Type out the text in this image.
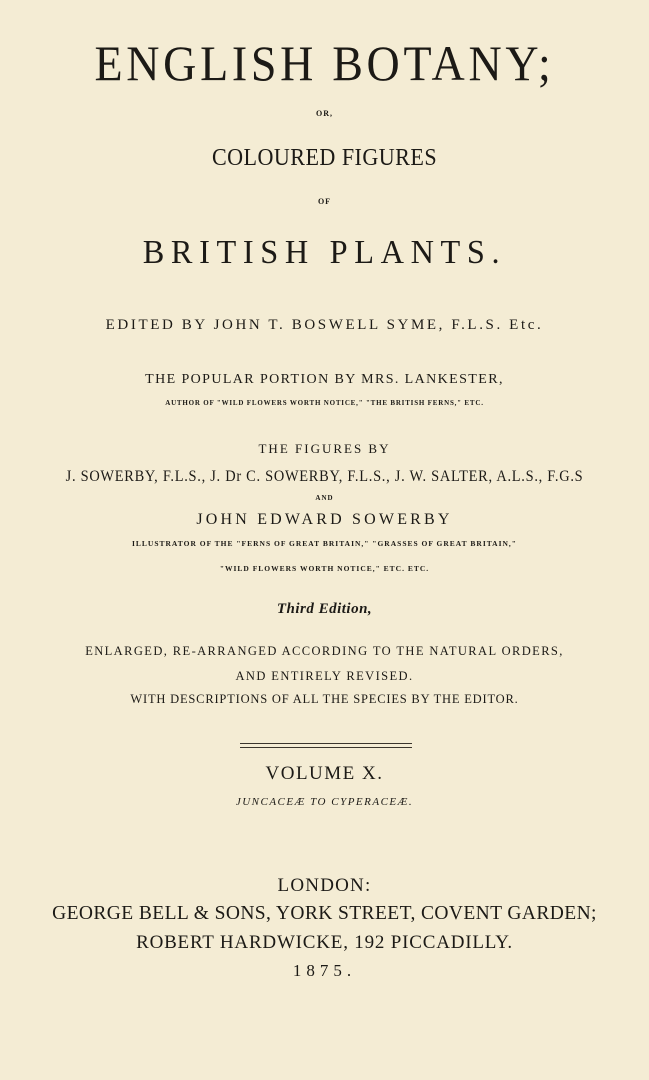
ENGLISH BOTANY;
OR,
COLOURED FIGURES
OF
BRITISH PLANTS.
EDITED BY JOHN T. BOSWELL SYME, F.L.S. Etc.
THE POPULAR PORTION BY MRS. LANKESTER,
AUTHOR OF "WILD FLOWERS WORTH NOTICE," "THE BRITISH FERNS," ETC.
THE FIGURES BY
J. SOWERBY, F.L.S., J. Dr C. SOWERBY, F.L.S., J. W. SALTER, A.L.S., F.G.S
AND
JOHN EDWARD SOWERBY
ILLUSTRATOR OF THE "FERNS OF GREAT BRITAIN," "GRASSES OF GREAT BRITAIN,"
"WILD FLOWERS WORTH NOTICE," ETC. ETC.
Third Edition,
ENLARGED, RE-ARRANGED ACCORDING TO THE NATURAL ORDERS,
AND ENTIRELY REVISED.
WITH DESCRIPTIONS OF ALL THE SPECIES BY THE EDITOR.
VOLUME X.
JUNCACEÆ TO CYPERACEÆ.
LONDON:
GEORGE BELL & SONS, YORK STREET, COVENT GARDEN;
ROBERT HARDWICKE, 192 PICCADILLY.
1875.
